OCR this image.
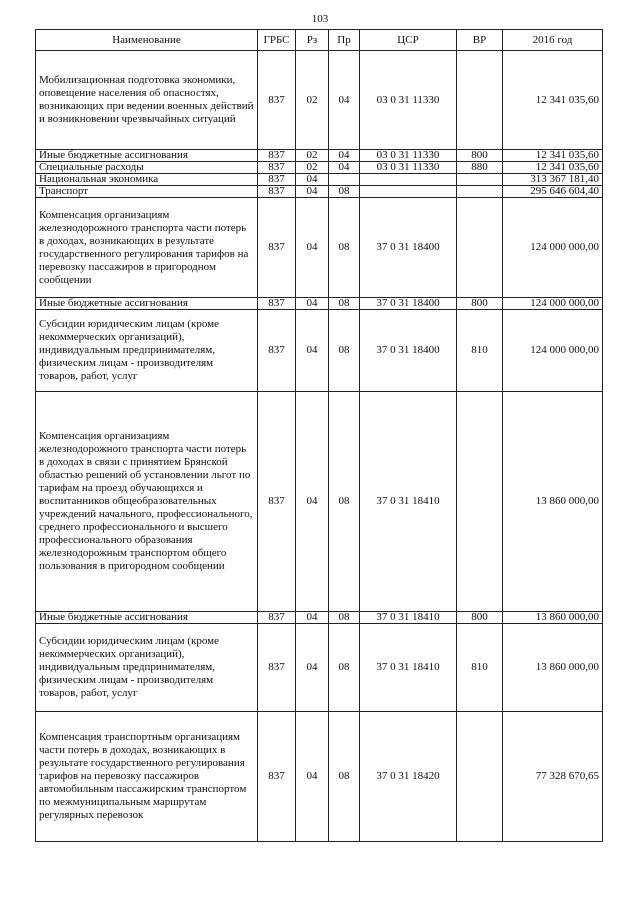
103
Наименование	ГРБС	Рз	Пр	ЦСР	ВР	2016 год
Мобилизационная подготовка экономики, оповещение населения об опасностях, возникающих при ведении военных действий и возникновении чрезвычайных ситуаций	837	02	04	03 0 31 11330		12 341 035,60
Иные бюджетные ассигнования	837	02	04	03 0 31 11330	800	12 341 035,60
Специальные расходы	837	02	04	03 0 31 11330	880	12 341 035,60
Национальная экономика	837	04				313 367 181,40
Транспорт	837	04	08			295 646 604,40
Компенсация организациям железнодорожного транспорта части потерь в доходах, возникающих в результате государственного регулирования тарифов на перевозку пассажиров в пригородном сообщении	837	04	08	37 0 31 18400		124 000 000,00
Иные бюджетные ассигнования	837	04	08	37 0 31 18400	800	124 000 000,00
Субсидии юридическим лицам (кроме некоммерческих организаций), индивидуальным предпринимателям, физическим лицам - производителям товаров, работ, услуг	837	04	08	37 0 31 18400	810	124 000 000,00
Компенсация организациям железнодорожного транспорта части потерь в доходах в связи с принятием Брянской областью решений об установлении льгот по тарифам на проезд обучающихся и воспитанников общеобразовательных учреждений начального, профессионального, среднего профессионального и высшего профессионального образования железнодорожным транспортом общего пользования в пригородном сообщении	837	04	08	37 0 31 18410		13 860 000,00
Иные бюджетные ассигнования	837	04	08	37 0 31 18410	800	13 860 000,00
Субсидии юридическим лицам (кроме некоммерческих организаций), индивидуальным предпринимателям, физическим лицам - производителям товаров, работ, услуг	837	04	08	37 0 31 18410	810	13 860 000,00
Компенсация транспортным организациям части потерь в доходах, возникающих в результате государственного регулирования тарифов на перевозку пассажиров автомобильным пассажирским транспортом по межмуниципальным маршрутам регулярных перевозок	837	04	08	37 0 31 18420		77 328 670,65
